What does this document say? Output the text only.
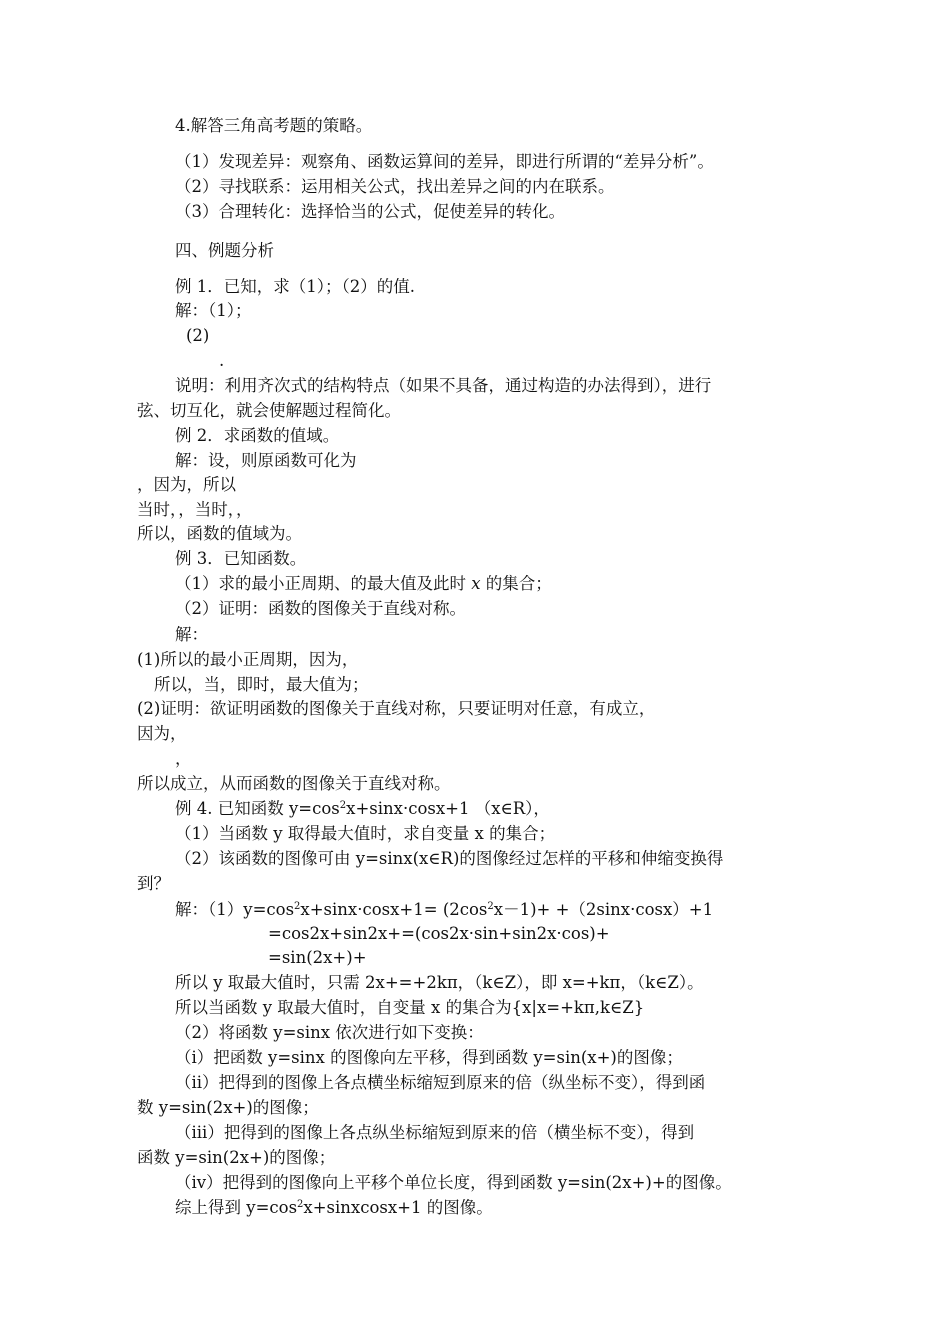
4.解答三角高考题的策略。
（1）发现差异：观察角、函数运算间的差异，即进行所谓的“差异分析”。
（2）寻找联系：运用相关公式，找出差异之间的内在联系。
（3）合理转化：选择恰当的公式，促使差异的转化。
四、例题分析
例 1．已知，求（1）；（2）的值.
解：（1）；
(2)
.
说明：利用齐次式的结构特点（如果不具备，通过构造的办法得到），进行
弦、切互化，就会使解题过程简化。
例 2．求函数的值域。
解：设，则原函数可化为
，因为，所以
当时，，当时，，
所以，函数的值域为。
例 3．已知函数。
（1）求的最小正周期、的最大值及此时 x 的集合；
（2）证明：函数的图像关于直线对称。
解：
(1)所以的最小正周期，因为，
所以，当，即时，最大值为；
(2)证明：欲证明函数的图像关于直线对称，只要证明对任意，有成立，
因为，
，
所以成立，从而函数的图像关于直线对称。
例 4. 已知函数 $y=\cos^2x+\sin x\cdot\cos x+1$ （x∈R），
（1）当函数 y 取得最大值时，求自变量 x 的集合；
（2）该函数的图像可由 y=sinx(x∈R)的图像经过怎样的平移和伸缩变换得
到？
解：$(1)y=\cos^2x+\sin x\cdot\cos x+1= (2\cos^2x-1)+ +(2\sin x\cdot\cos x)+1$
=cos2x+sin2x+=(cos2x·sin+sin2x·cos)+
=sin(2x+)+
所以 y 取最大值时，只需 2x+=+2kπ，（k∈Z），即 x=+kπ，（k∈Z）。
所以当函数 y 取最大值时，自变量 x 的集合为{x|x=+kπ,k∈Z}
（2）将函数 y=sinx 依次进行如下变换：
（i）把函数 y=sinx 的图像向左平移，得到函数 y=sin(x+)的图像；
（ii）把得到的图像上各点横坐标缩短到原来的倍（纵坐标不变），得到函
数 y=sin(2x+)的图像；
（iii）把得到的图像上各点纵坐标缩短到原来的倍（横坐标不变），得到
函数 y=sin(2x+)的图像；
（iv）把得到的图像向上平移个单位长度，得到函数 y=sin(2x+)+的图像。
综上得到 $y=\cos^2x+sinxcosx+1$ 的图像。
